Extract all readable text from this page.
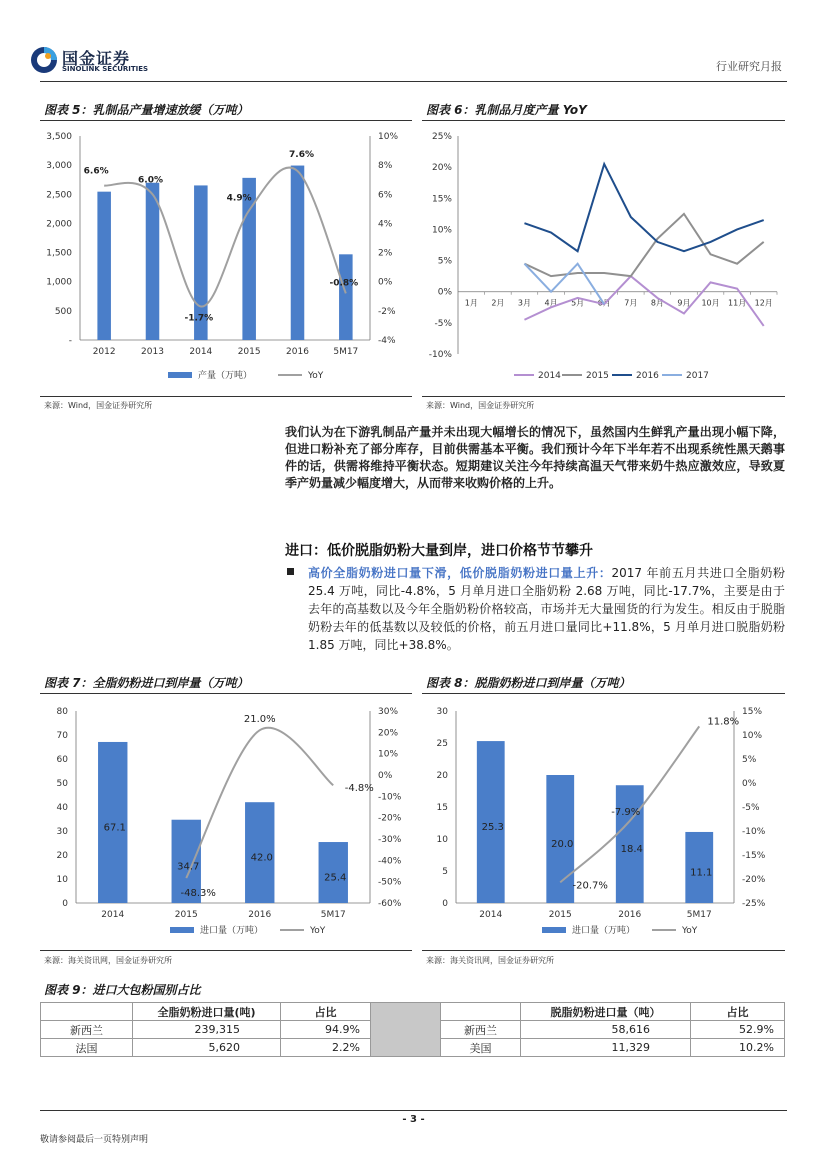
国金证券
SINOLINK SECURITIES	行业研究月报
图表 5：乳制品产量增速放缓（万吨）
-
500
1,000
1,500
2,000
2,500
3,000
3,500
-4%
-2%
0%
2%
4%
6%
8%
10%
2012	2013	2014	2015	2016	5M17
6.6%
6.0%
-1.7%
4.9%
7.6%
-0.8%
产量（万吨）	YoY
来源：Wind，国金证券研究所
图表 6：乳制品月度产量 YoY
-10%
-5%
0%
5%
10%
15%
20%
25%
1月 2月 3月 4月 5月 6月 7月 8月 9月 10月 11月 12月
2014	2015	2016	2017
来源：Wind，国金证券研究所
我们认为在下游乳制品产量并未出现大幅增长的情况下，虽然国内生鲜乳产量出现小幅下降，但进口粉补充了部分库存，目前供需基本平衡。我们预计今年下半年若不出现系统性黑天鹅事件的话，供需将维持平衡状态。短期建议关注今年持续高温天气带来奶牛热应激效应，导致夏季产奶量减少幅度增大，从而带来收购价格的上升。
进口：低价脱脂奶粉大量到岸，进口价格节节攀升
高价全脂奶粉进口量下滑，低价脱脂奶粉进口量上升：2017 年前五月共进口全脂奶粉 25.4 万吨，同比-4.8%，5 月单月进口全脂奶粉 2.68 万吨，同比-17.7%，主要是由于去年的高基数以及今年全脂奶粉价格较高，市场并无大量囤货的行为发生。相反由于脱脂奶粉去年的低基数以及较低的价格，前五月进口量同比+11.8%，5 月单月进口脱脂奶粉 1.85 万吨，同比+38.8%。
图表 7：全脂奶粉进口到岸量（万吨）
0
10
20
30
40
50
60
70
80
-60%
-50%
-40%
-30%
-20%
-10%
0%
10%
20%
30%
2014	2015	2016	5M17
67.1
34.7
42.0
25.4
-48.3%
21.0%
-4.8%
进口量（万吨）	YoY
来源：海关资讯网，国金证券研究所
图表 8：脱脂奶粉进口到岸量（万吨）
0
5
10
15
20
25
30
-25%
-20%
-15%
-10%
-5%
0%
5%
10%
15%
2014	2015	2016	5M17
25.3
20.0	18.4
11.1
-20.7%
-7.9%
11.8%
进口量（万吨）	YoY
来源：海关资讯网，国金证券研究所
图表 9：进口大包粉国别占比
	全脂奶粉进口量(吨)	占比			脱脂奶粉进口量（吨）	占比
新西兰	239,315	94.9%		新西兰	58,616	52.9%
法国	5,620	2.2%		美国	11,329	10.2%
- 3 -
敬请参阅最后一页特别声明
